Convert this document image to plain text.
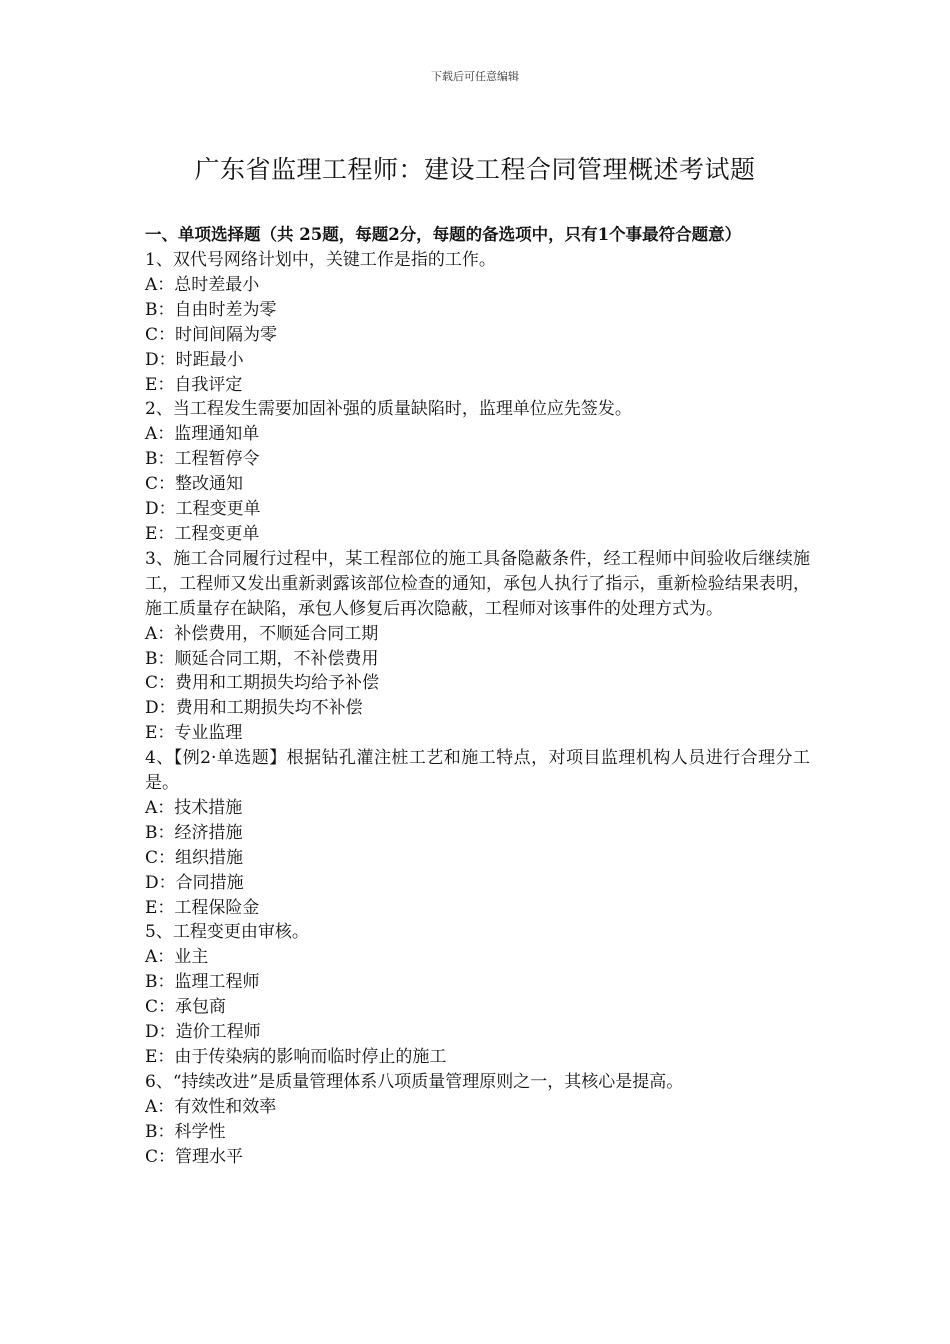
下载后可任意编辑
广东省监理工程师：建设工程合同管理概述考试题
一、单项选择题（共 25题，每题2分，每题的备选项中，只有1个事最符合题意）

1、双代号网络计划中，关键工作是指的工作。

A：总时差最小

B：自由时差为零

C：时间间隔为零

D：时距最小

E：自我评定

2、当工程发生需要加固补强的质量缺陷时，监理单位应先签发。

A：监理通知单

B：工程暂停令

C：整改通知

D：工程变更单

E：工程变更单

3、施工合同履行过程中，某工程部位的施工具备隐蔽条件，经工程师中间验收后继续施工，工程师又发出重新剥露该部位检查的通知，承包人执行了指示，重新检验结果表明，施工质量存在缺陷，承包人修复后再次隐蔽，工程师对该事件的处理方式为。

A：补偿费用，不顺延合同工期

B：顺延合同工期，不补偿费用

C：费用和工期损失均给予补偿

D：费用和工期损失均不补偿

E：专业监理

4、【例2·单选题】根据钻孔灌注桩工艺和施工特点，对项目监理机构人员进行合理分工是。

A：技术措施

B：经济措施

C：组织措施

D：合同措施

E：工程保险金

5、工程变更由审核。

A：业主

B：监理工程师

C：承包商

D：造价工程师

E：由于传染病的影响而临时停止的施工

6、“持续改进”是质量管理体系八项质量管理原则之一，其核心是提高。

A：有效性和效率

B：科学性

C：管理水平
